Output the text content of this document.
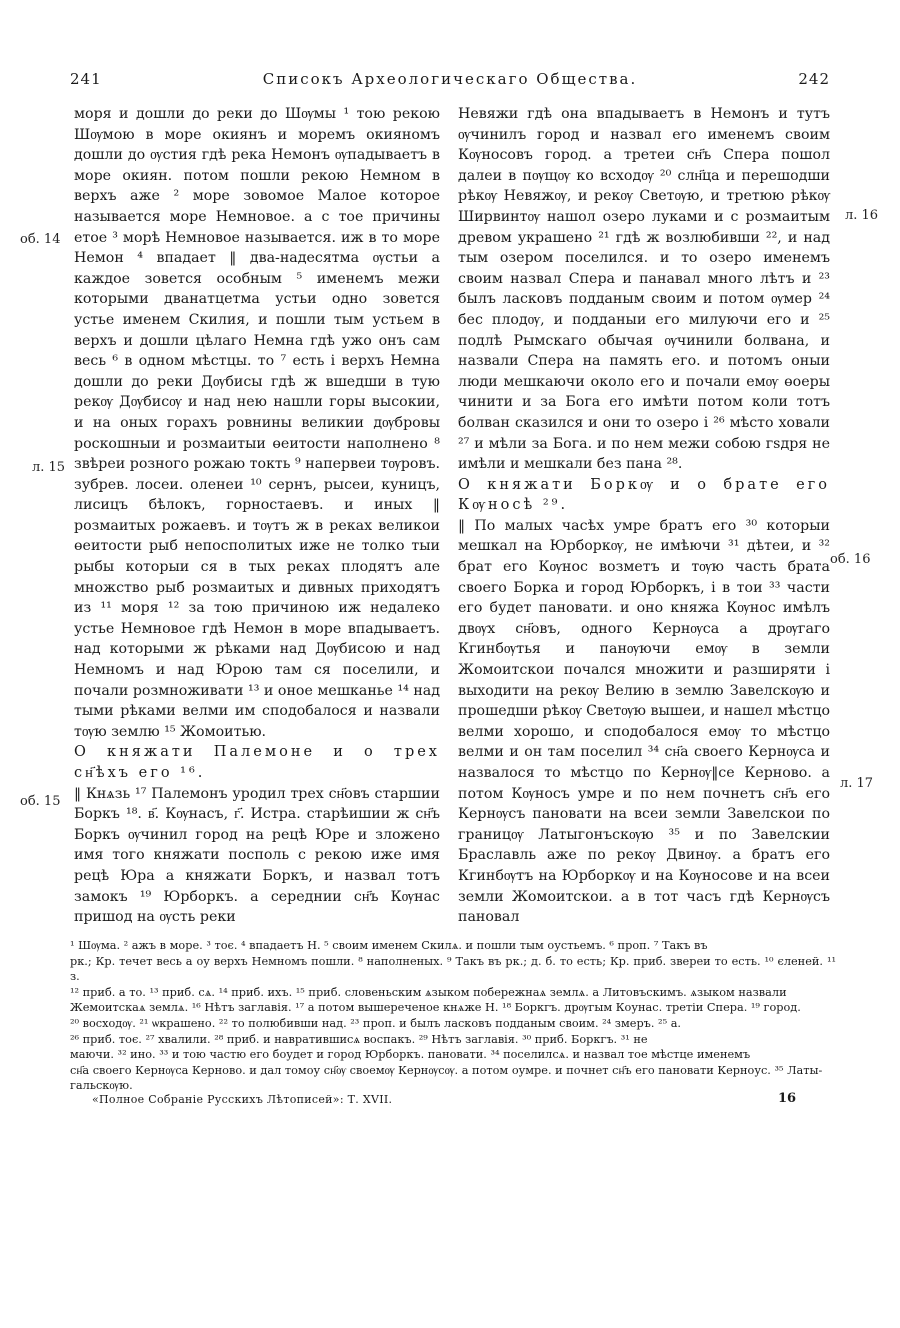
241	Списокъ Археологическаго Общества.	242

моря и дошли до реки до Шѹмы ¹ тою рекою Шѹмою в море окиянъ и моремъ окияномъ дошли до ѹстия гдѣ река Немонъ ѹпадываетъ в море окиян. потом пошли рекою Немном в верхъ аже ² море зовомое Малое которое называется море Немновое. а с тое причины етое ³ морѣ Немновое называется. иж в то море Немон ⁴ впадает ‖ два-надесятма ѹстьи а каждое зовется особным ⁵ именемъ межи которыми дванатцетма устьи одно зовется устье именем Скилия, и пошли тым устьем в верхъ и дошли цѣлаго Немна гдѣ ужо онъ сам весь ⁶ в одном мѣстцы. то ⁷ есть і верхъ Немна дошли до реки Дѹбисы гдѣ ж вшедши в тую рекѹ Дѹбисѹ и над нею нашли горы высокии, и на оных горахъ ровнины великии дѹбровы роскошныи и розмаитыи өеитости наполнено ⁸ звѣреи розного рожаю токть ⁹ напервеи тѹровъ. зубрев. лосеи. оленеи ¹⁰ сернъ, рысеи, куницъ, лисицъ бѣлокъ, горностаевъ. и иных ‖ розмаитых рожаевъ. и тѹтъ ж в реках великои өеитости рыб непосполитых иже не толко тыи рыбы которыи ся в тых реках плодятъ але множство рыб розмаитых и дивных приходятъ из ¹¹ моря ¹² за тою причиною иж недалеко устье Немновое гдѣ Немон в море впадываетъ. над которыми ж рѣками над Дѹбисою и над Немномъ и над Юрою там ся поселили, и почали розмноживати ¹³ и оное мешканье ¹⁴ над тыми рѣками велми им сподобалося и назвали тѹю землю ¹⁵ Жомоитью.

О княжати Палемоне и о трех сн҃ѣхъ его ¹⁶.

‖ Кнѧзь ¹⁷ Палемонъ уродил трех сн҃овъ старшии Боркъ ¹⁸. в҃. Кѹнасъ, г҃. Истра. старѣишии ж сн҃ъ Боркъ ѹчинил город на рецѣ Юре и зложено имя того княжати посполь с рекою иже имя рецѣ Юра а княжати Боркъ, и назвал тотъ замокъ ¹⁹ Юрборкъ. а середнии сн҃ъ Кѹнас пришод на ѹсть реки

Невяжи гдѣ она впадываетъ в Немонъ и тутъ ѹчинилъ город и назвал его именемъ своим Кѹносовъ город. а третеи сн҃ъ Спера пошол далеи в пѹщѹ ко всходѹ ²⁰ слн҃ца и перешодши рѣкѹ Невяжѹ, и рекѹ Светѹю, и третюю рѣкѹ Ширвинтѹ нашол озеро луками и с розмаитым древом украшено ²¹ гдѣ ж возлюбивши ²², и над тым озером поселился. и то озеро именемъ своим назвал Спера и панавал много лѣтъ и ²³ былъ ласковъ подданым своим и потом ѹмер ²⁴ бес плодѹ, и подданыи его милуючи его и ²⁵ подлѣ Рымскаго обычая ѹчинили болвана, и назвали Спера на память его. и потомъ оныи люди мешкаючи около его и почали емѹ өоеры чинити и за Бога его имѣти потом коли тотъ болван сказился и они то озеро і ²⁶ мѣсто ховали ²⁷ и мѣли за Бога. и по нем межи собою гѕдря не имѣли и мешкали без пана ²⁸.

О княжати Боркѹ и о брате его Кѹносѣ ²⁹.

‖ По малых часѣх умре братъ его ³⁰ которыи мешкал на Юрборкѹ, не имѣючи ³¹ дѣтеи, и ³² брат его Кѹнос возметъ и тѹю часть брата своего Борка и город Юрборкъ, і в тои ³³ части его будет пановати. и оно княжа Кѹнос имѣлъ двѹх сн҃овъ, одного Кернѹса а дрѹгаго Кгинбѹтья и панѹючи емѹ в земли Жомоитскои почался множити и разширяти і выходити на рекѹ Велию в землю Завелскѹю и прошедши рѣкѹ Светѹю вышеи, и нашел мѣстцо велми хорошо, и сподобалося емѹ то мѣстцо велми и он там поселил ³⁴ сн҃а своего Кернѹса и назвалося то мѣстцо по Кернѹ‖се Керново. а потом Кѹносъ умре и по нем почнетъ сн҃ъ его Кернѹсъ пановати на всеи земли Завелскои по границѹ Латыгонъскѹю ³⁵ и по Завелскии Браславль аже по рекѹ Двинѹ. а братъ его Кгинбѹтъ на Юрборкѹ и на Кѹносове и на всеи земли Жомоитскои. а в тот часъ гдѣ Кернѹсъ пановал

об. 14
л. 15
об. 15
л. 16
об. 16
л. 17

¹ Шѹма. ² ажъ в море. ³ тоє. ⁴ впадаетъ Н. ⁵ своим именем Скилѧ. и пошли тым оустьемъ. ⁶ проп. ⁷ Такъ въ

рк.; Кр. течет весь а оу верхъ Немномъ пошли. ⁸ наполненых. ⁹ Такъ въ рк.; д. б. то есть; Кр. приб. звереи то есть. ¹⁰ єленей. ¹¹ з.

¹² приб. а то. ¹³ приб. сѧ. ¹⁴ приб. ихъ. ¹⁵ приб. словеньским ѧзыком побережнаѧ землѧ. а Литовъскимъ. ѧзыком назвали

Жемоитскаѧ землѧ. ¹⁶ Нѣтъ заглавія. ¹⁷ а потом вышереченое кнѧже Н. ¹⁸ Боркгъ. дрѹгым Коунас. третіи Спера. ¹⁹ город.

²⁰ восходѹ. ²¹ ѡкрашено. ²² то полюбивши над. ²³ проп. и былъ ласковъ подданым своим. ²⁴ змеръ. ²⁵ а.

²⁶ приб. тоє. ²⁷ хвалили. ²⁸ приб. и навратившисѧ воспакъ. ²⁹ Нѣтъ заглавія. ³⁰ приб. Боркгъ. ³¹ не

маючи. ³² ино. ³³ и тою частю его боудет и город Юрборкъ. пановати. ³⁴ поселилсѧ. и назвал тое мѣстце именемъ

сн҃а своего Кернѹса Керново. и дал томоу сн҃ѹ своемѹ Кернѹсѹ. а потом оумре. и почнет сн҃ъ его пановати Керноус. ³⁵ Латы-

гальскѹю.

«Полное Собраніе Русскихъ Лѣтописей»: Т. XVII.	16
